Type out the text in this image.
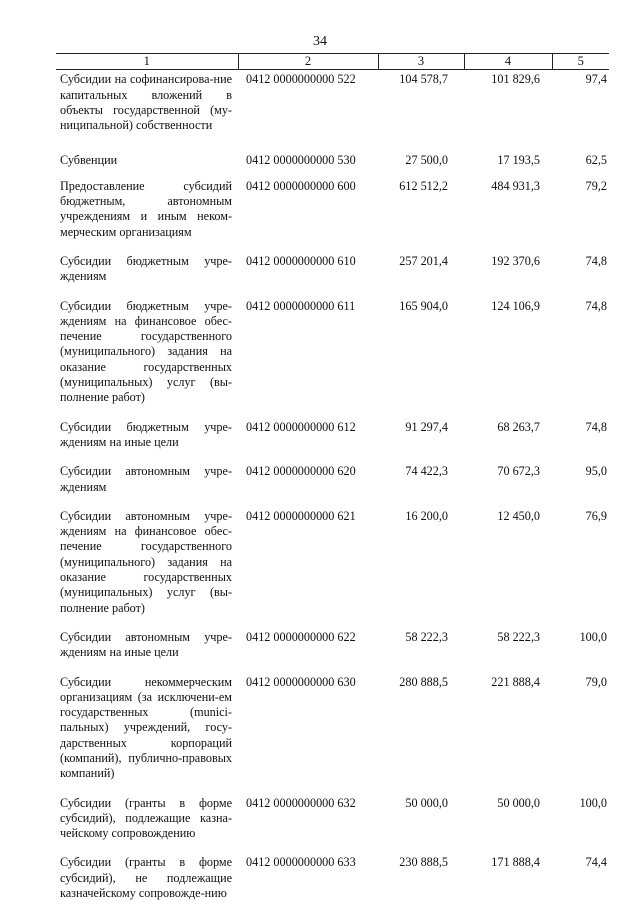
34
1	2	3	4	5
Субсидии на софинансирова-ние капитальных вложений в объекты государственной (му-ниципальной) собственности	0412 0000000000 522	104 578,7	101 829,6	97,4

Субвенции	0412 0000000000 530	27 500,0	17 193,5	62,5

Предоставление субсидий бюджетным, автономным учреждениям и иным неком-мерческим организациям	0412 0000000000 600	612 512,2	484 931,3	79,2

Субсидии бюджетным учре-ждениям	0412 0000000000 610	257 201,4	192 370,6	74,8

Субсидии бюджетным учре-ждениям на финансовое обес-печение государственного (муниципального) задания на оказание государственных (муниципальных) услуг (вы-полнение работ)	0412 0000000000 611	165 904,0	124 106,9	74,8

Субсидии бюджетным учре-ждениям на иные цели	0412 0000000000 612	91 297,4	68 263,7	74,8

Субсидии автономным учре-ждениям	0412 0000000000 620	74 422,3	70 672,3	95,0

Субсидии автономным учре-ждениям на финансовое обес-печение государственного (муниципального) задания на оказание государственных (муниципальных) услуг (вы-полнение работ)	0412 0000000000 621	16 200,0	12 450,0	76,9

Субсидии автономным учре-ждениям на иные цели	0412 0000000000 622	58 222,3	58 222,3	100,0

Субсидии некоммерческим организациям (за исключени-ем государственных (munici-пальных) учреждений, госу-дарственных корпораций (компаний), публично-правовых компаний)	0412 0000000000 630	280 888,5	221 888,4	79,0

Субсидии (гранты в форме субсидий), подлежащие казна-чейскому сопровождению	0412 0000000000 632	50 000,0	50 000,0	100,0

Субсидии (гранты в форме субсидий), не подлежащие казначейскому сопровожде-нию	0412 0000000000 633	230 888,5	171 888,4	74,4
